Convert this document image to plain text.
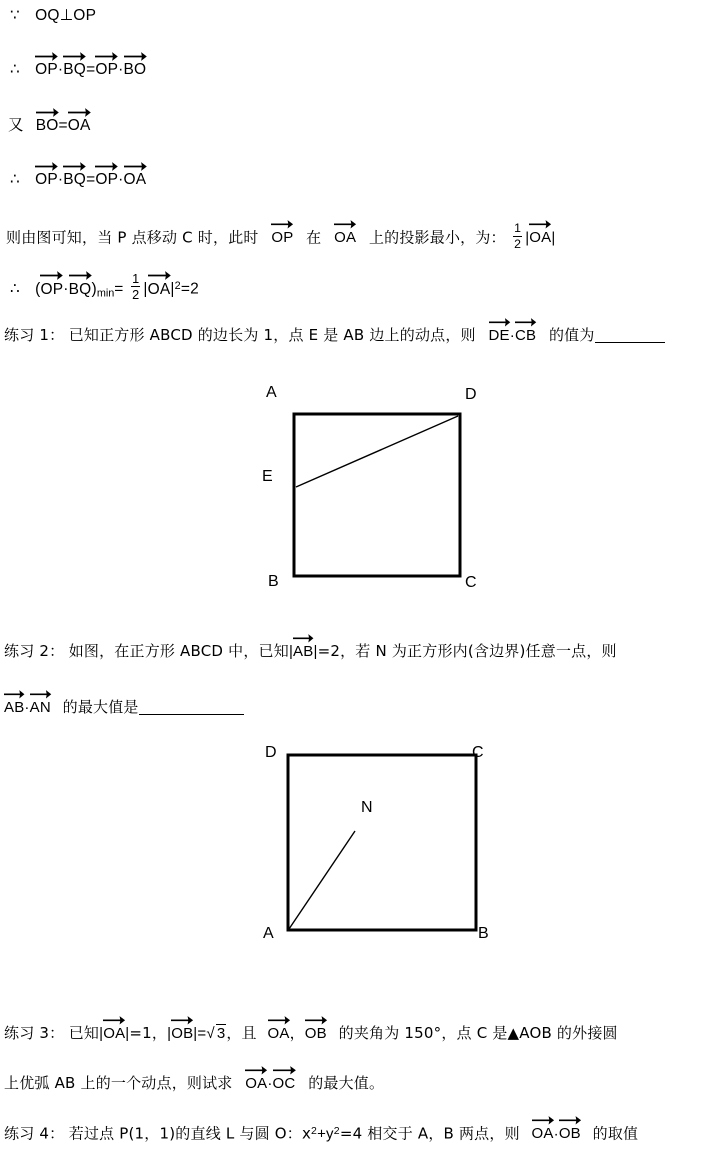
∵ OQ⊥OP
∴ OP·
BQ=
OP·
BO
又 BO=
OA
∴ OP·
BQ=
OP·
OA
则由图可知，当 P 点移动 C 时，此时 OP 在 OA 上的投影最小，为： $\frac{1}{2}$ |
OA|
∴ (
OP·
$BQ)_{min}= \frac{1}{2}$ |
$OA|^2=2$
练习 1： 已知正方形 ABCD 的边长为 1，点 E 是 AB 边上的动点，则 DE·
CB 的值为
A	D
E
B	C
练习 2： 如图，在正方形 ABCD 中，已知|
AB|=2，若 N 为正方形内(含边界)任意一点，则
AB·
AN 的最大值是
D	C
N
A	B
练习 3： 已知|
OA|=1，|
OB|=√ 3，且 OA，
OB 的夹角为 150°，点 C 是▲AOB 的外接圆
上优弧 AB 上的一个动点，则试求 OA·
OC 的最大值。
练习 4： 若过点 P(1，1)的直线 L 与圆 O：$x^2+y^2=4$ 相交于 A，B 两点，则 OA·
OB 的取值
